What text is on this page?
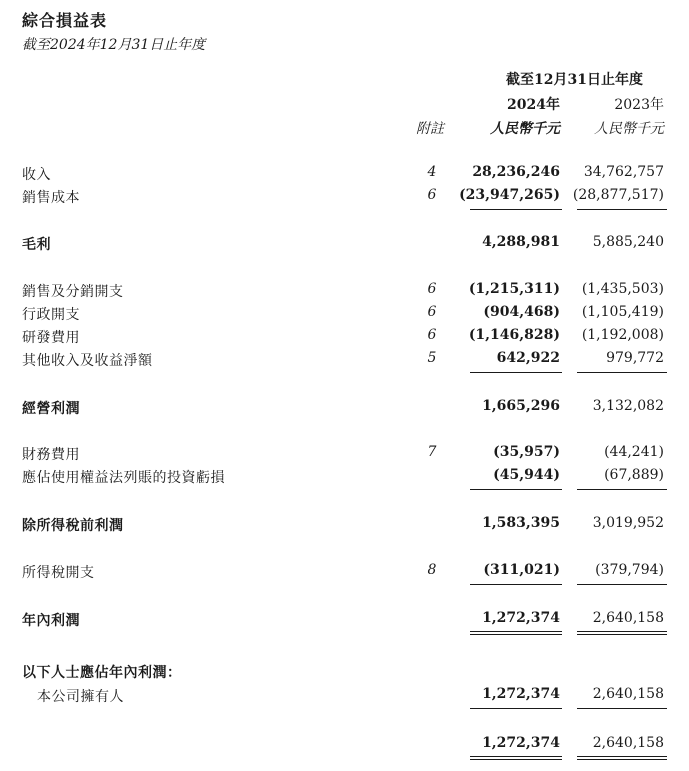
綜合損益表
截至2024年12月31日止年度
截至12月31日止年度
2024年	2023年
附註	人民幣千元 人民幣千元
收入	4	28,236,246 34,762,757
銷售成本	6	(23,947,265) (28,877,517)
毛利	4,288,981 5,885,240
銷售及分銷開支	6	(1,215,311) (1,435,503)
行政開支	6	(904,468) (1,105,419)
研發費用	6	(1,146,828) (1,192,008)
其他收入及收益淨額	5	642,922	979,772
經營利潤	1,665,296 3,132,082
財務費用	7	(35,957)	(44,241)
應佔使用權益法列賬的投資虧損	(45,944)	(67,889)
除所得稅前利潤	1,583,395 3,019,952
所得稅開支	8	(311,021)	(379,794)
年內利潤	1,272,374 2,640,158
以下人士應佔年內利潤：
本公司擁有人	1,272,374 2,640,158
1,272,374 2,640,158
